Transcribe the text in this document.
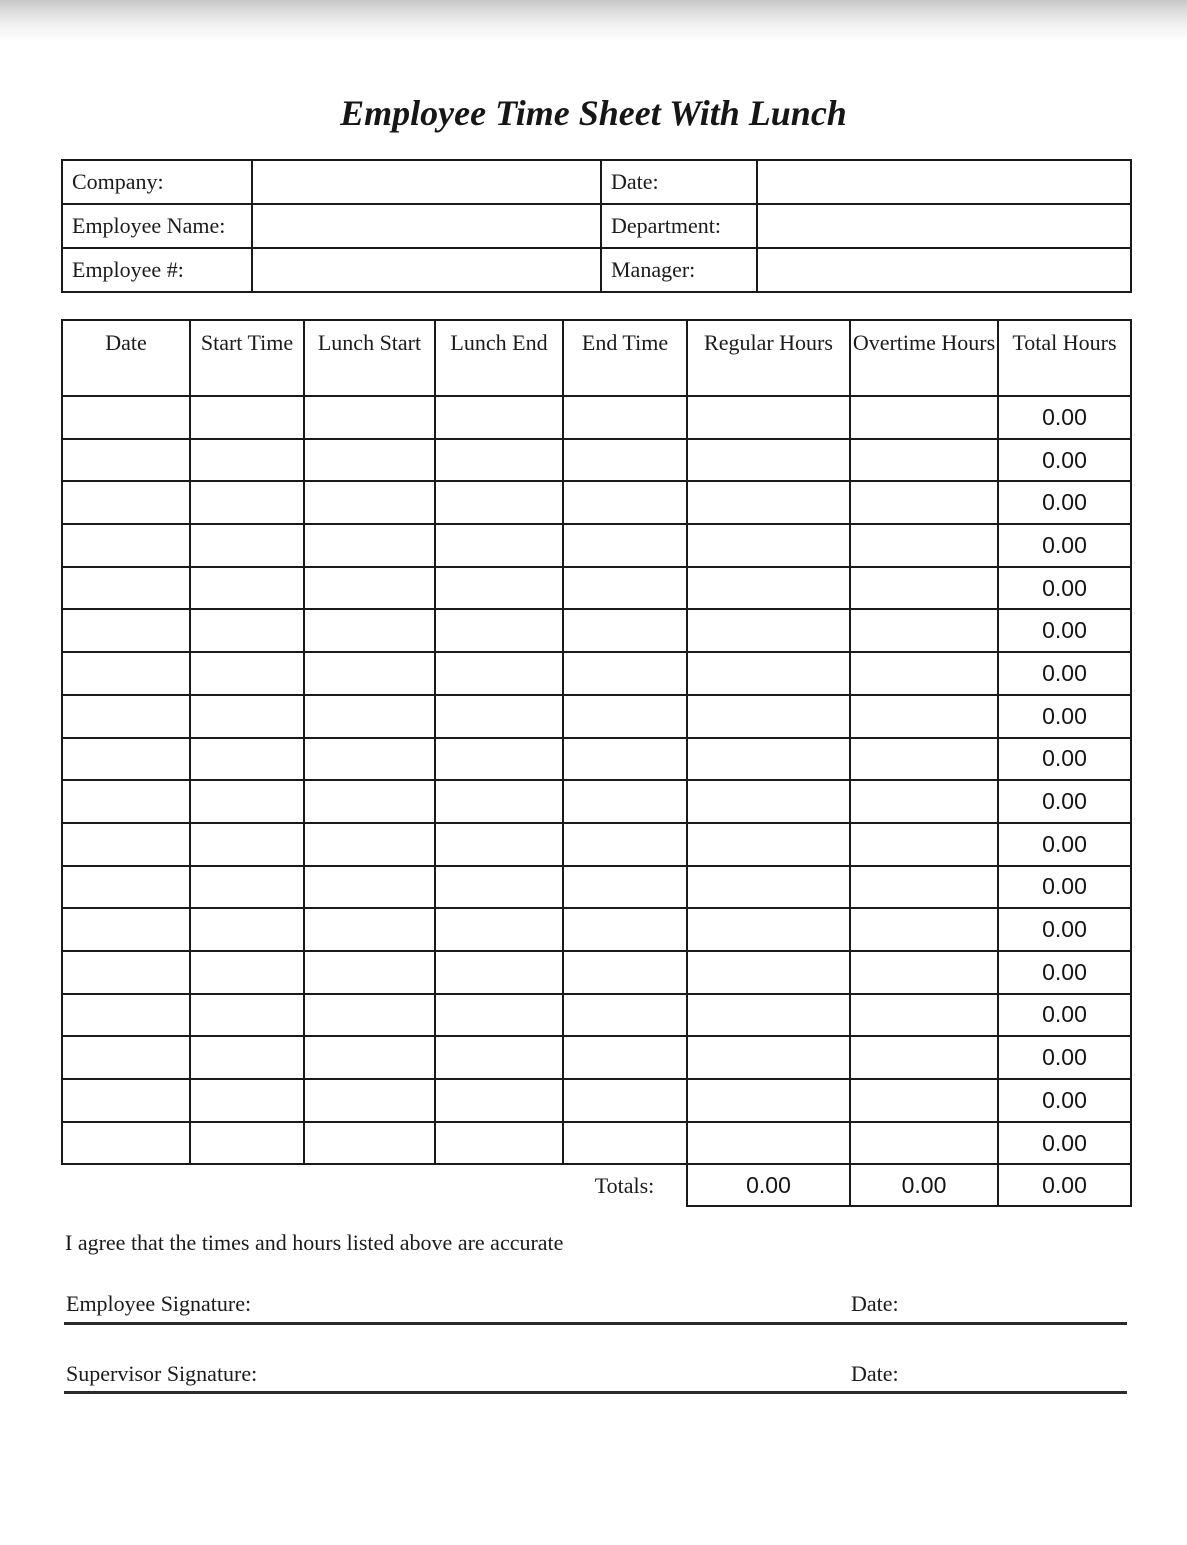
Employee Time Sheet With Lunch
Company:		Date:	
Employee Name:		Department:	
Employee #:		Manager:	
Date	Start Time	Lunch Start	Lunch End	End Time	Regular Hours	Overtime Hours	Total Hours
							0.00
							0.00
							0.00
							0.00
							0.00
							0.00
							0.00
							0.00
							0.00
							0.00
							0.00
							0.00
							0.00
							0.00
							0.00
							0.00
							0.00
							0.00
				Totals:	0.00	0.00	0.00

I agree that the times and hours listed above are accurate

Employee Signature:	Date:
Supervisor Signature:	Date:
